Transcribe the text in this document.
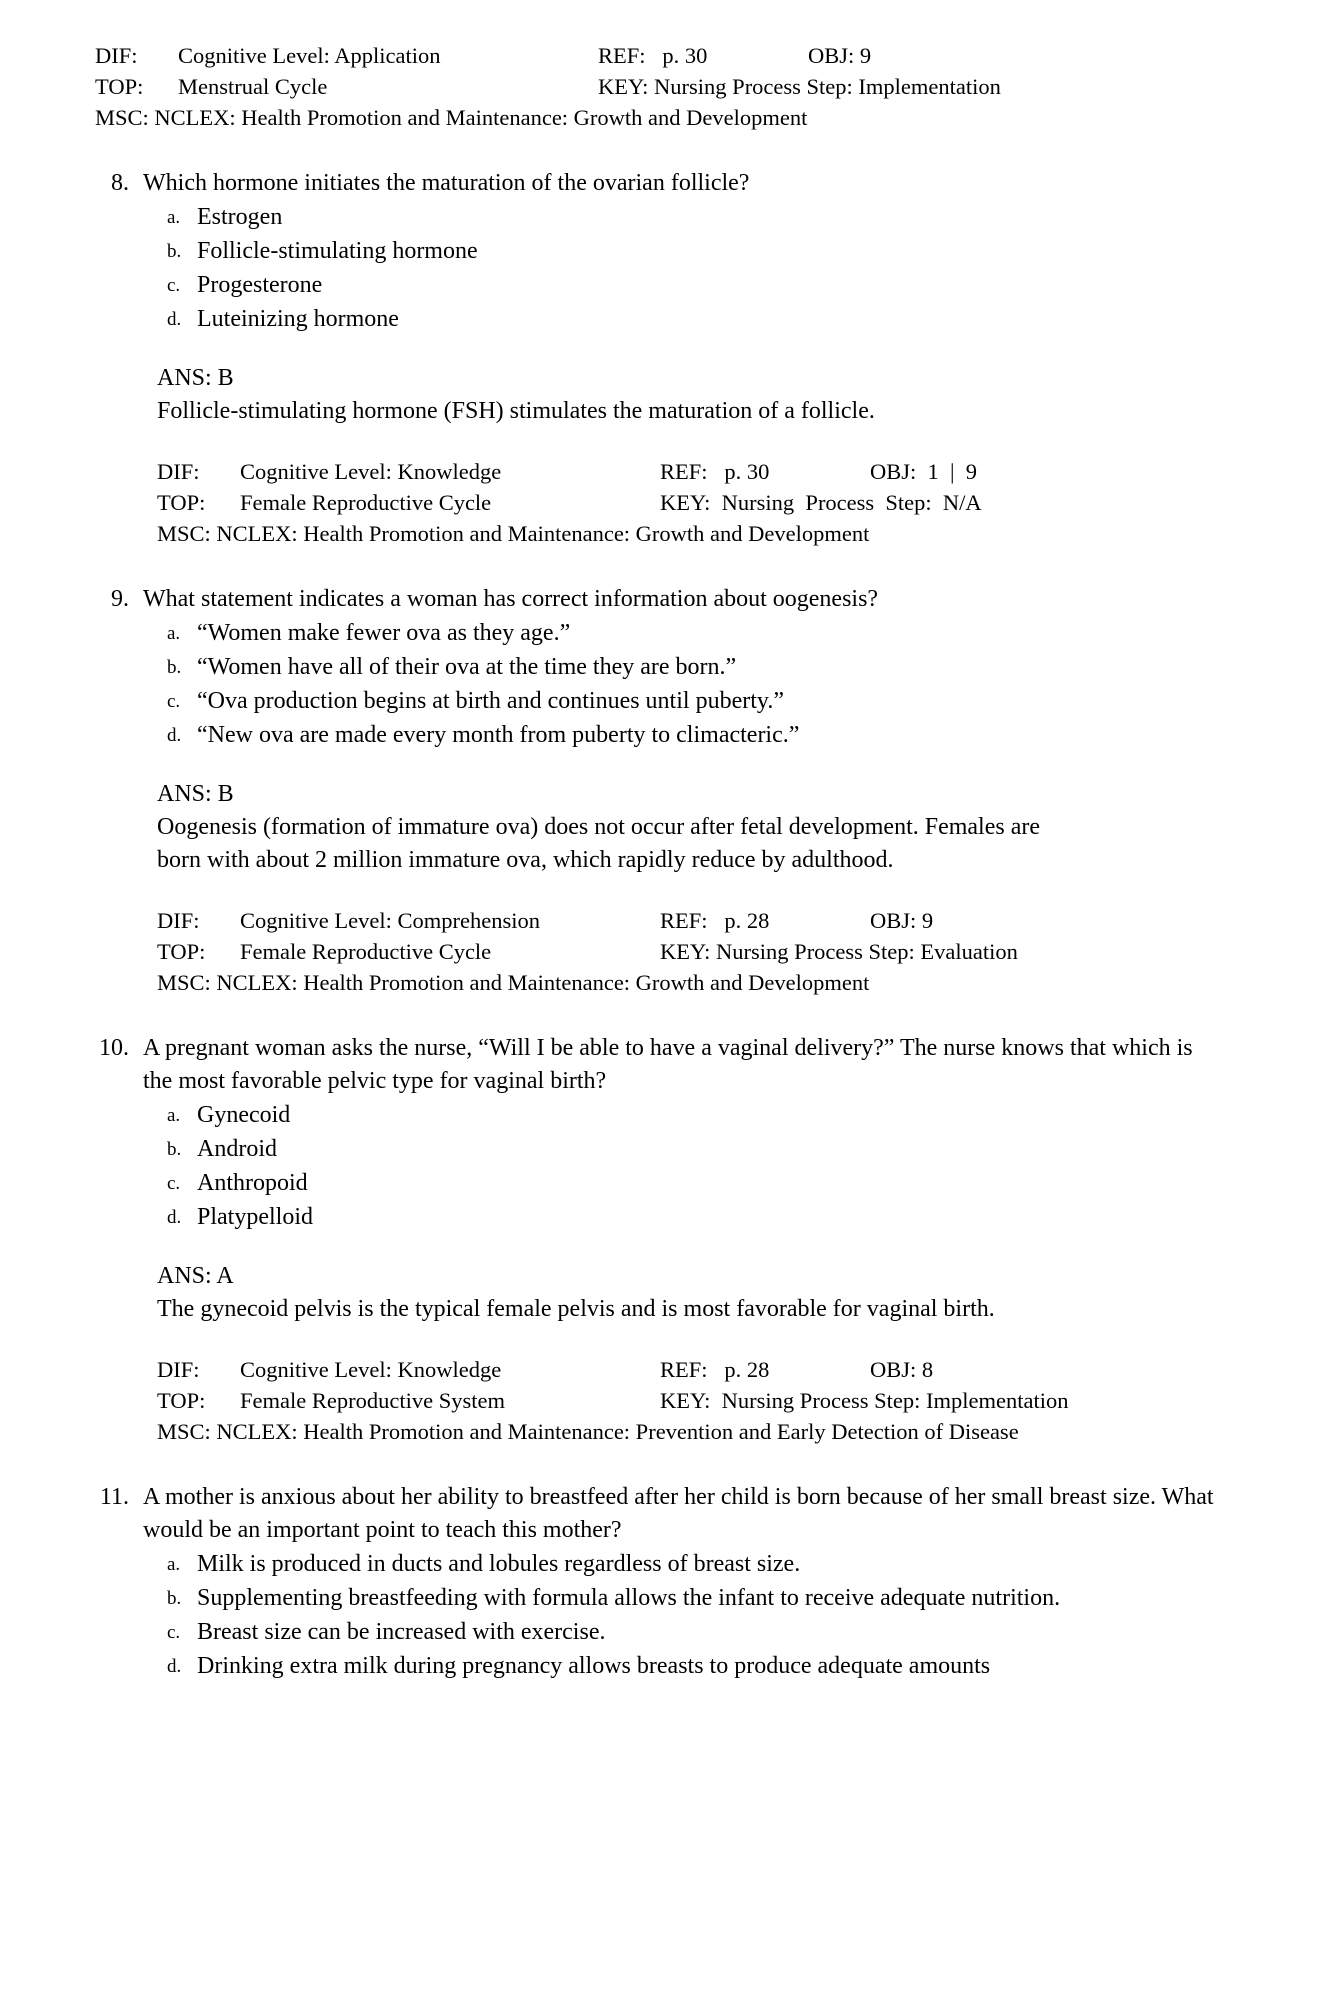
DIF: Cognitive Level: Application	REF:   p. 30	OBJ: 9
TOP: Menstrual Cycle	KEY: Nursing Process Step: Implementation
MSC: NCLEX: Health Promotion and Maintenance: Growth and Development
8. Which hormone initiates the maturation of the ovarian follicle?
a. Estrogen
b. Follicle-stimulating hormone
c. Progesterone
d. Luteinizing hormone
ANS: B
Follicle-stimulating hormone (FSH) stimulates the maturation of a follicle.
DIF: Cognitive Level: Knowledge	REF:   p. 30	OBJ:  1  |  9
TOP: Female Reproductive Cycle	KEY:  Nursing  Process  Step:  N/A
MSC: NCLEX: Health Promotion and Maintenance: Growth and Development
9. What statement indicates a woman has correct information about oogenesis?
a. “Women make fewer ova as they age.”
b. “Women have all of their ova at the time they are born.”
c. “Ova production begins at birth and continues until puberty.”
d. “New ova are made every month from puberty to climacteric.”
ANS: B
Oogenesis (formation of immature ova) does not occur after fetal development. Females are born with about 2 million immature ova, which rapidly reduce by adulthood.
DIF: Cognitive Level: Comprehension	REF:   p. 28	OBJ: 9
TOP: Female Reproductive Cycle	KEY: Nursing Process Step: Evaluation
MSC: NCLEX: Health Promotion and Maintenance: Growth and Development
10. A pregnant woman asks the nurse, “Will I be able to have a vaginal delivery?” The nurse knows that which is the most favorable pelvic type for vaginal birth?
a. Gynecoid
b. Android
c. Anthropoid
d. Platypelloid
ANS: A
The gynecoid pelvis is the typical female pelvis and is most favorable for vaginal birth.
DIF: Cognitive Level: Knowledge	REF:   p. 28	OBJ: 8
TOP: Female Reproductive System	KEY:  Nursing Process Step: Implementation
MSC: NCLEX: Health Promotion and Maintenance: Prevention and Early Detection of Disease
11. A mother is anxious about her ability to breastfeed after her child is born because of her small breast size. What would be an important point to teach this mother?
a. Milk is produced in ducts and lobules regardless of breast size.
b. Supplementing breastfeeding with formula allows the infant to receive adequate nutrition.
c. Breast size can be increased with exercise.
d. Drinking extra milk during pregnancy allows breasts to produce adequate amounts
